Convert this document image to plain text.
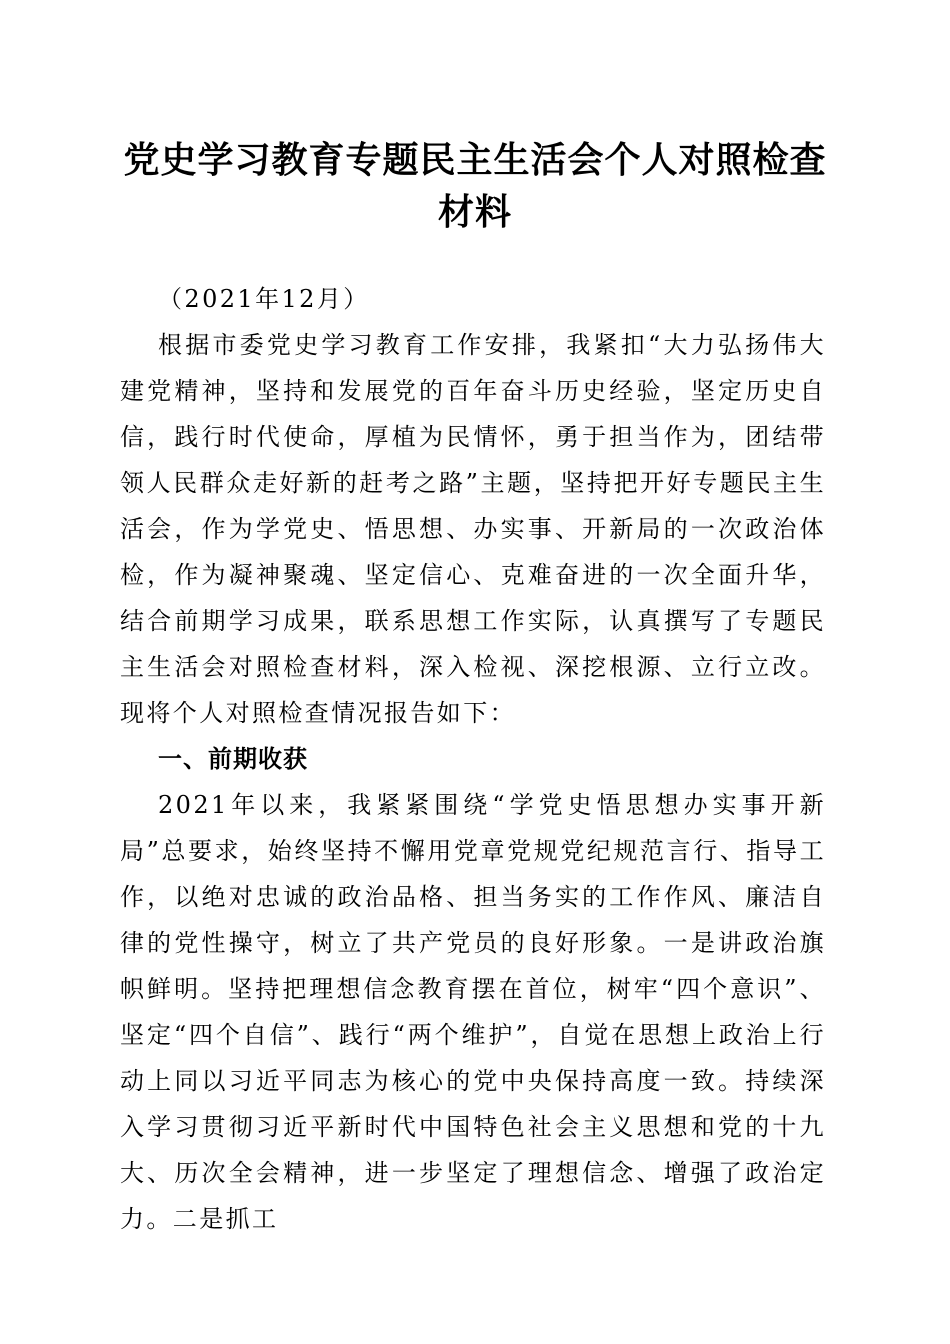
党史学习教育专题民主生活会个人对照检查材料

（2021年12月）

根据市委党史学习教育工作安排，我紧扣“大力弘扬伟大建党精神，坚持和发展党的百年奋斗历史经验，坚定历史自信，践行时代使命，厚植为民情怀，勇于担当作为，团结带领人民群众走好新的赶考之路”主题，坚持把开好专题民主生活会，作为学党史、悟思想、办实事、开新局的一次政治体检，作为凝神聚魂、坚定信心、克难奋进的一次全面升华，结合前期学习成果，联系思想工作实际，认真撰写了专题民主生活会对照检查材料，深入检视、深挖根源、立行立改。现将个人对照检查情况报告如下：

一、前期收获

2021年以来，我紧紧围绕“学党史悟思想办实事开新局”总要求，始终坚持不懈用党章党规党纪规范言行、指导工作，以绝对忠诚的政治品格、担当务实的工作作风、廉洁自律的党性操守，树立了共产党员的良好形象。一是讲政治旗帜鲜明。坚持把理想信念教育摆在首位，树牢“四个意识”、坚定“四个自信”、践行“两个维护”，自觉在思想上政治上行动上同以习近平同志为核心的党中央保持高度一致。持续深入学习贯彻习近平新时代中国特色社会主义思想和党的十九大、历次全会精神，进一步坚定了理想信念、增强了政治定力。二是抓工
